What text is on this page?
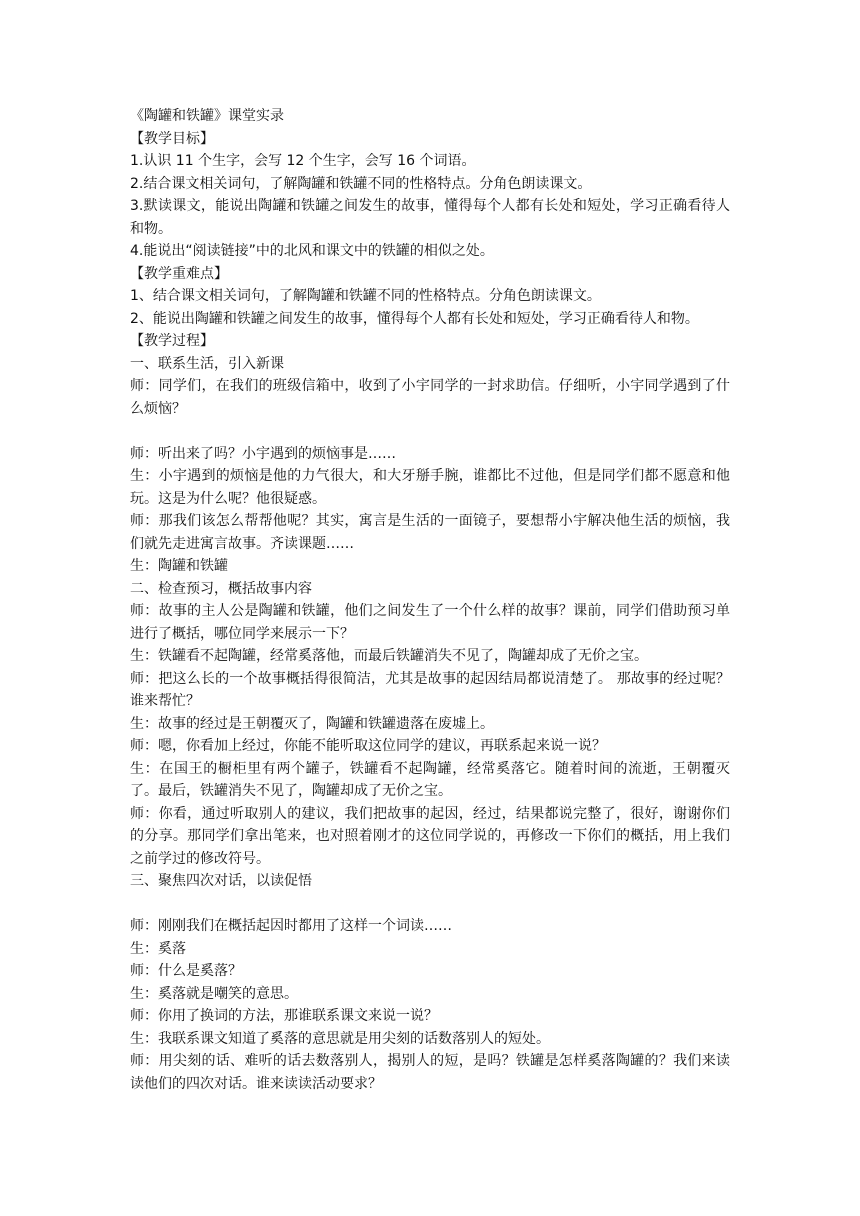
《陶罐和铁罐》课堂实录

【教学目标】

1.认识 11 个生字，会写 12 个生字，会写 16 个词语。

2.结合课文相关词句，了解陶罐和铁罐不同的性格特点。分角色朗读课文。

3.默读课文，能说出陶罐和铁罐之间发生的故事，懂得每个人都有长处和短处，学习正确看待人和物。

4.能说出“阅读链接”中的北风和课文中的铁罐的相似之处。

【教学重难点】

1、结合课文相关词句，了解陶罐和铁罐不同的性格特点。分角色朗读课文。

2、能说出陶罐和铁罐之间发生的故事，懂得每个人都有长处和短处，学习正确看待人和物。

【教学过程】

一、联系生活，引入新课

师：同学们，在我们的班级信箱中，收到了小宇同学的一封求助信。仔细听，小宇同学遇到了什么烦恼？

师：听出来了吗？小宇遇到的烦恼事是……

生：小宇遇到的烦恼是他的力气很大，和大牙掰手腕，谁都比不过他，但是同学们都不愿意和他玩。这是为什么呢？他很疑惑。

师：那我们该怎么帮帮他呢？其实，寓言是生活的一面镜子，要想帮小宇解决他生活的烦恼，我们就先走进寓言故事。齐读课题……

生：陶罐和铁罐

二、检查预习，概括故事内容

师：故事的主人公是陶罐和铁罐，他们之间发生了一个什么样的故事？课前，同学们借助预习单进行了概括，哪位同学来展示一下？

生：铁罐看不起陶罐，经常奚落他，而最后铁罐消失不见了，陶罐却成了无价之宝。

师：把这么长的一个故事概括得很简洁，尤其是故事的起因结局都说清楚了。 那故事的经过呢？谁来帮忙？

生：故事的经过是王朝覆灭了，陶罐和铁罐遗落在废墟上。

师：嗯，你看加上经过，你能不能听取这位同学的建议，再联系起来说一说？

生：在国王的橱柜里有两个罐子，铁罐看不起陶罐，经常奚落它。随着时间的流逝，王朝覆灭了。最后，铁罐消失不见了，陶罐却成了无价之宝。

师：你看，通过听取别人的建议，我们把故事的起因，经过，结果都说完整了，很好，谢谢你们的分享。那同学们拿出笔来，也对照着刚才的这位同学说的，再修改一下你们的概括，用上我们之前学过的修改符号。

三、聚焦四次对话，以读促悟

师：刚刚我们在概括起因时都用了这样一个词读……

生：奚落

师：什么是奚落？

生：奚落就是嘲笑的意思。

师：你用了换词的方法，那谁联系课文来说一说？

生：我联系课文知道了奚落的意思就是用尖刻的话数落别人的短处。

师：用尖刻的话、难听的话去数落别人，揭别人的短，是吗？铁罐是怎样奚落陶罐的？我们来读读他们的四次对话。谁来读读活动要求？
